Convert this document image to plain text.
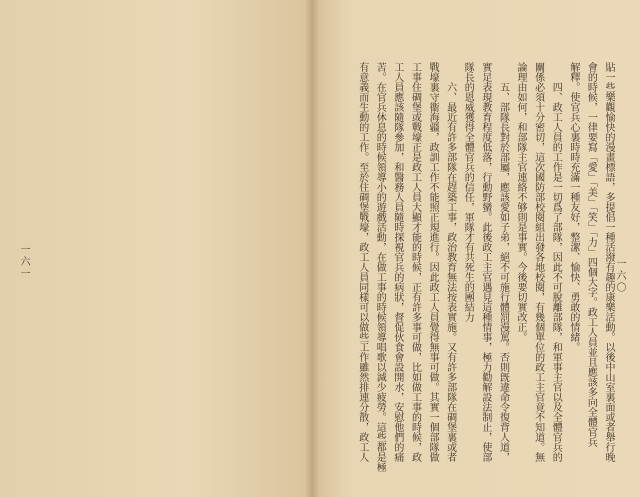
一六一	一六〇
貼一些樂觀愉快的漫畫標語，多提倡一種活潑有趣的康樂活動。以後中山室裏面或者舉行晚
會的時候，一律要寫「愛」「美」「笑」「力」四個大字。政工人員並且應該多向全體官兵
解釋。使官兵心裏時時充滿一種友好，整潔、愉快、勇敢的情緒。
四、政工人員的工作是一切爲了部隊，因此不可脫離部隊，和軍事主官以及全體官兵的
關係必須十分密切，這次國防部校閱組出發各地校閱，有幾個單位的政工主官竟不知道。無
論理由如何，和部隊主官連絡不够則是事實。今後要切實改正。
五、部隊長對於部屬，應該愛如子弟，絕不可施行體罰漫罵。否則旣違命令復背人道，
實足表現教育程度低落，行動野蠻。此後政工主官遇見這種情事，極力勸解設法制止，使部
隊長的恩威獲得全體官兵的信任，軍隊才有共死生的團結力
六、最近有許多部隊在趕築工事，政治教育無法按表實施。又有許多部隊在碉堡裏或者
戰壕裏守衞海疆，政訓工作不能照正規進行。因此政工人員覺得無事可做。其實一個部隊做
工事住碉堡或戰壕正是政工人員大顯才能的時候，正有許多事可做，比如做工事的時候，政
工人員應該隨隊參加，和醫務人員隨時探視官兵的病狀，督促伙食會設開水，安慰他們的痛
苦。在官兵休息的時候領導小的遊戲活動，在做工事的時候領導唱歌以減少疲勞。這些都是極
有意義而生動的工作。至於住碉堡戰壕，政工人員同樣可以做些工作雖然排連分散，政工人
